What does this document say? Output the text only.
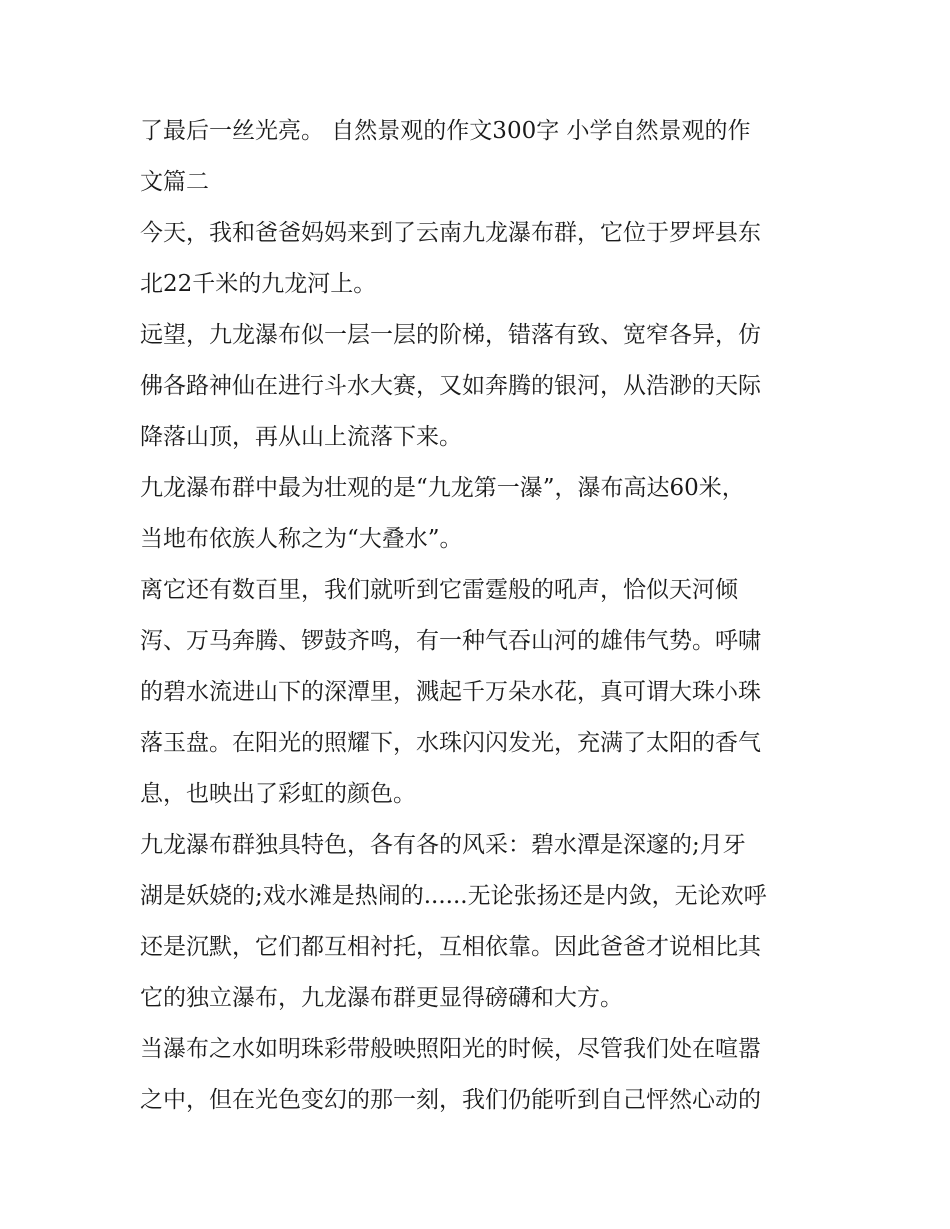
了最后一丝光亮。 自然景观的作文300字 小学自然景观的作
文篇二
今天，我和爸爸妈妈来到了云南九龙瀑布群，它位于罗坪县东
北22千米的九龙河上。
远望，九龙瀑布似一层一层的阶梯，错落有致、宽窄各异，仿
佛各路神仙在进行斗水大赛，又如奔腾的银河，从浩渺的天际
降落山顶，再从山上流落下来。
九龙瀑布群中最为壮观的是“九龙第一瀑”，瀑布高达60米，
当地布依族人称之为“大叠水”。
离它还有数百里，我们就听到它雷霆般的吼声，恰似天河倾
泻、万马奔腾、锣鼓齐鸣，有一种气吞山河的雄伟气势。呼啸
的碧水流进山下的深潭里，溅起千万朵水花，真可谓大珠小珠
落玉盘。在阳光的照耀下，水珠闪闪发光，充满了太阳的香气
息，也映出了彩虹的颜色。
九龙瀑布群独具特色，各有各的风采：碧水潭是深邃的;月牙
湖是妖娆的;戏水滩是热闹的......无论张扬还是内敛，无论欢呼
还是沉默，它们都互相衬托，互相依靠。因此爸爸才说相比其
它的独立瀑布，九龙瀑布群更显得磅礴和大方。
当瀑布之水如明珠彩带般映照阳光的时候，尽管我们处在喧嚣
之中，但在光色变幻的那一刻，我们仍能听到自己怦然心动的
